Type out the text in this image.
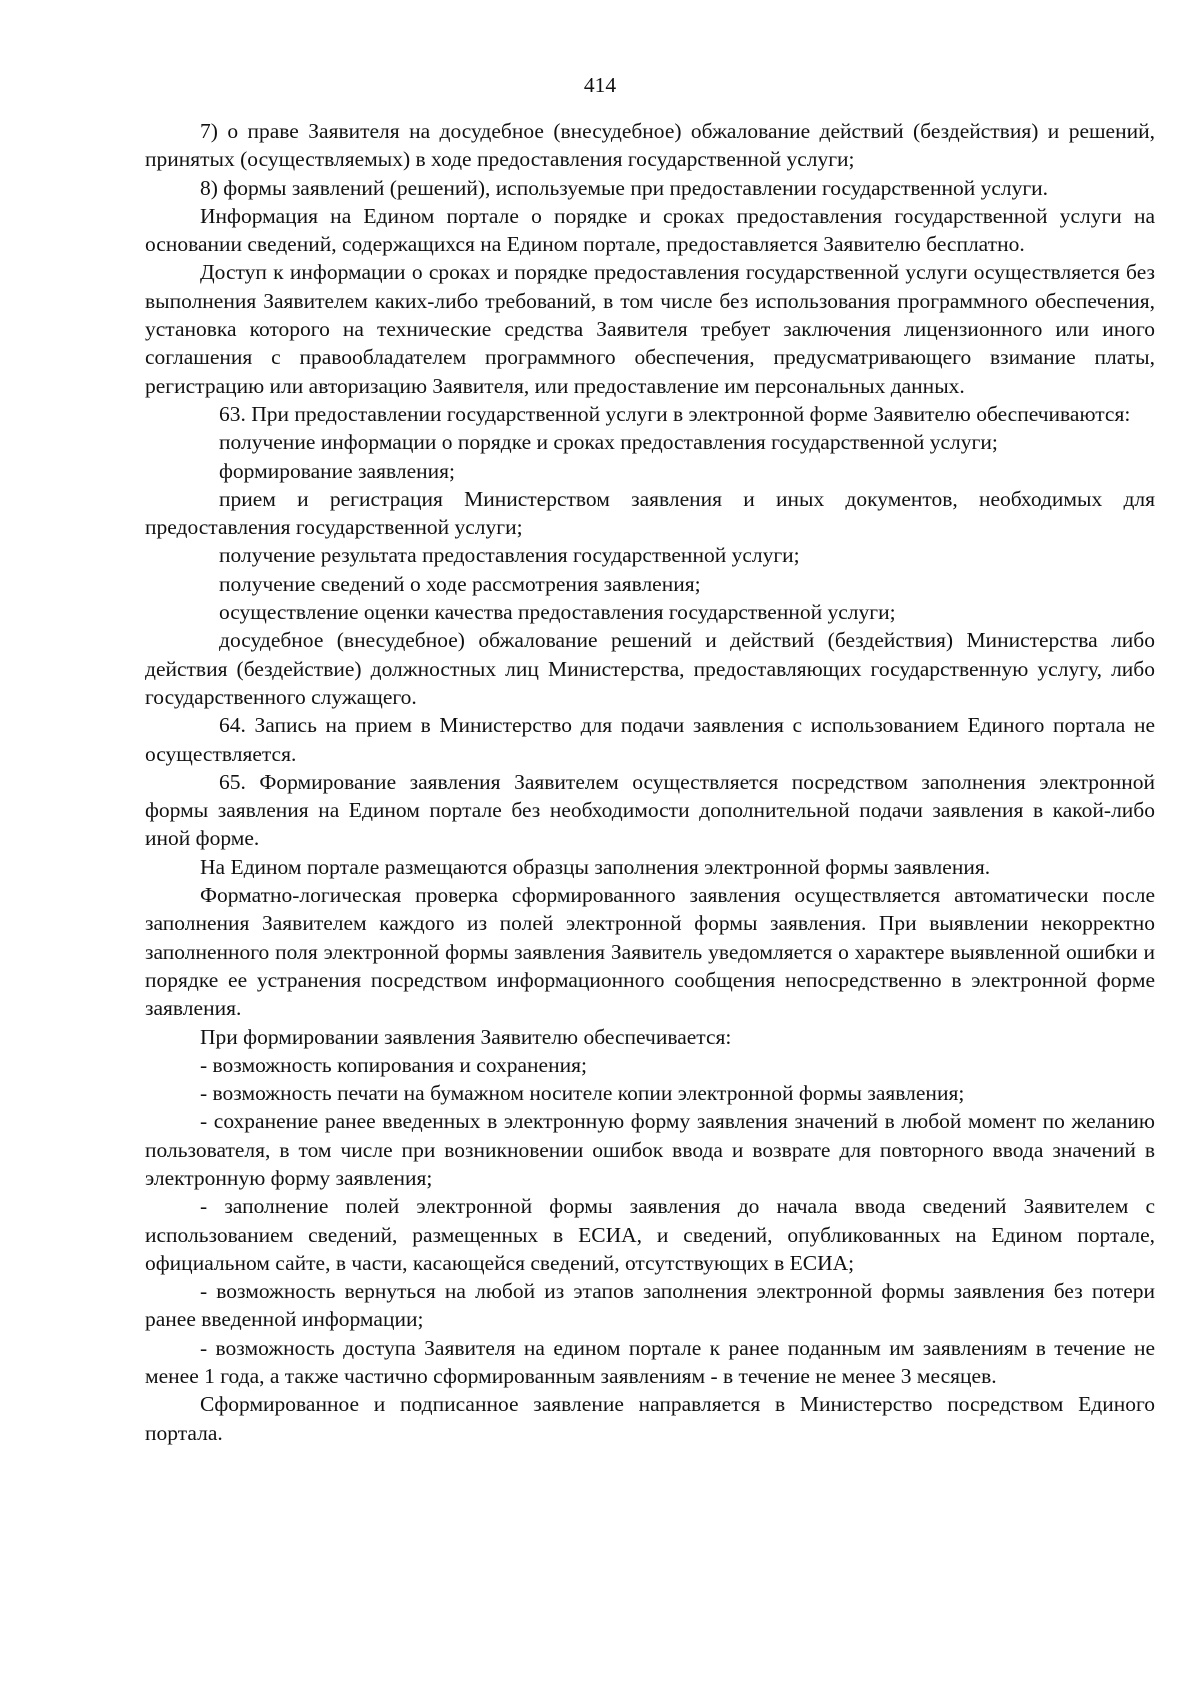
414

7) о праве Заявителя на досудебное (внесудебное) обжалование действий (бездействия) и решений, принятых (осуществляемых) в ходе предоставления государственной услуги;

8) формы заявлений (решений), используемые при предоставлении государственной услуги.

Информация на Едином портале о порядке и сроках предоставления государственной услуги на основании сведений, содержащихся на Едином портале, предоставляется Заявителю бесплатно.

Доступ к информации о сроках и порядке предоставления государственной услуги осуществляется без выполнения Заявителем каких-либо требований, в том числе без использования программного обеспечения, установка которого на технические средства Заявителя требует заключения лицензионного или иного соглашения с правообладателем программного обеспечения, предусматривающего взимание платы, регистрацию или авторизацию Заявителя, или предоставление им персональных данных.

63. При предоставлении государственной услуги в электронной форме Заявителю обеспечиваются:

получение информации о порядке и сроках предоставления государственной услуги;

формирование заявления;

прием и регистрация Министерством заявления и иных документов, необходимых для предоставления государственной услуги;

получение результата предоставления государственной услуги;

получение сведений о ходе рассмотрения заявления;

осуществление оценки качества предоставления государственной услуги;

досудебное (внесудебное) обжалование решений и действий (бездействия) Министерства либо действия (бездействие) должностных лиц Министерства, предоставляющих государственную услугу, либо государственного служащего.

64. Запись на прием в Министерство для подачи заявления с использованием Единого портала не осуществляется.

65. Формирование заявления Заявителем осуществляется посредством заполнения электронной формы заявления на Едином портале без необходимости дополнительной подачи заявления в какой-либо иной форме.

На Едином портале размещаются образцы заполнения электронной формы заявления.

Форматно-логическая проверка сформированного заявления осуществляется автоматически после заполнения Заявителем каждого из полей электронной формы заявления. При выявлении некорректно заполненного поля электронной формы заявления Заявитель уведомляется о характере выявленной ошибки и порядке ее устранения посредством информационного сообщения непосредственно в электронной форме заявления.

При формировании заявления Заявителю обеспечивается:

- возможность копирования и сохранения;

- возможность печати на бумажном носителе копии электронной формы заявления;

- сохранение ранее введенных в электронную форму заявления значений в любой момент по желанию пользователя, в том числе при возникновении ошибок ввода и возврате для повторного ввода значений в электронную форму заявления;

- заполнение полей электронной формы заявления до начала ввода сведений Заявителем с использованием сведений, размещенных в ЕСИА, и сведений, опубликованных на Едином портале, официальном сайте, в части, касающейся сведений, отсутствующих в ЕСИА;

- возможность вернуться на любой из этапов заполнения электронной формы заявления без потери ранее введенной информации;

- возможность доступа Заявителя на едином портале к ранее поданным им заявлениям в течение не менее 1 года, а также частично сформированным заявлениям - в течение не менее 3 месяцев.

Сформированное и подписанное заявление направляется в Министерство посредством Единого портала.
